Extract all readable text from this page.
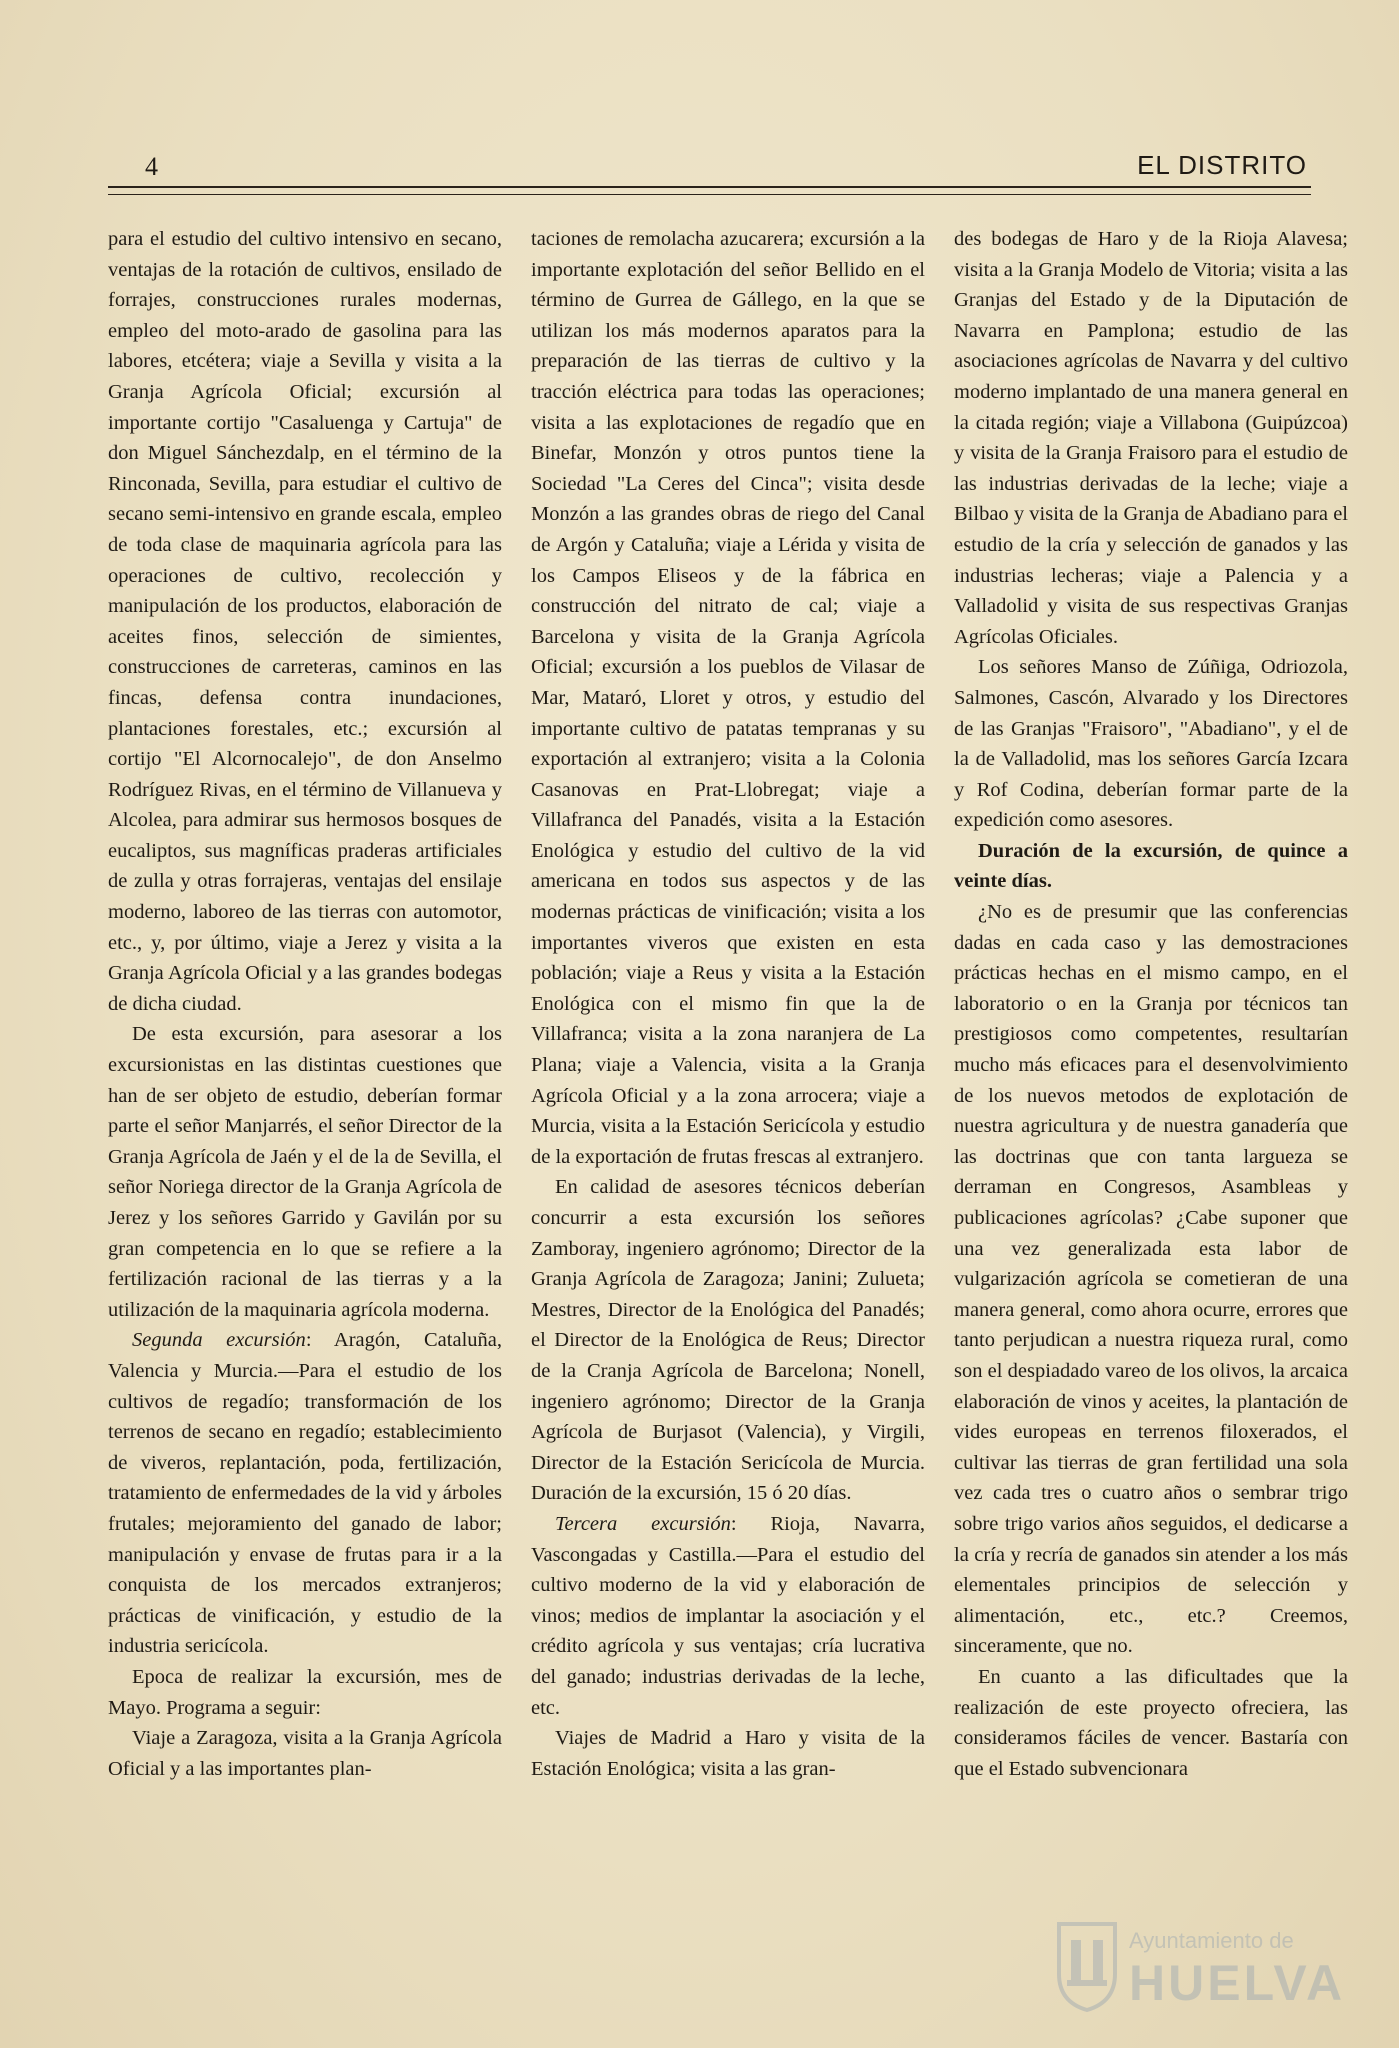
4	EL DISTRITO

para el estudio del cultivo intensivo en secano, ventajas de la rotación de cultivos, ensilado de forrajes, construcciones rurales modernas, empleo del moto-arado de gasolina para las labores, etcétera; viaje a Sevilla y visita a la Granja Agrícola Oficial; excursión al importante cortijo "Casaluenga y Cartuja" de don Miguel Sánchezdalp, en el término de la Rinconada, Sevilla, para estudiar el cultivo de secano semi-intensivo en grande escala, empleo de toda clase de maquinaria agrícola para las operaciones de cultivo, recolección y manipulación de los productos, elaboración de aceites finos, selección de simientes, construcciones de carreteras, caminos en las fincas, defensa contra inundaciones, plantaciones forestales, etc.; excursión al cortijo "El Alcornocalejo", de don Anselmo Rodríguez Rivas, en el término de Villanueva y Alcolea, para admirar sus hermosos bosques de eucaliptos, sus magníficas praderas artificiales de zulla y otras forrajeras, ventajas del ensilaje moderno, laboreo de las tierras con automotor, etc., y, por último, viaje a Jerez y visita a la Granja Agrícola Oficial y a las grandes bodegas de dicha ciudad.

De esta excursión, para asesorar a los excursionistas en las distintas cuestiones que han de ser objeto de estudio, deberían formar parte el señor Manjarrés, el señor Director de la Granja Agrícola de Jaén y el de la de Sevilla, el señor Noriega director de la Granja Agrícola de Jerez y los señores Garrido y Gavilán por su gran competencia en lo que se refiere a la fertilización racional de las tierras y a la utilización de la maquinaria agrícola moderna.

Segunda excursión: Aragón, Cataluña, Valencia y Murcia.—Para el estudio de los cultivos de regadío; transformación de los terrenos de secano en regadío; establecimiento de viveros, replantación, poda, fertilización, tratamiento de enfermedades de la vid y árboles frutales; mejoramiento del ganado de labor; manipulación y envase de frutas para ir a la conquista de los mercados extranjeros; prácticas de vinificación, y estudio de la industria sericícola.

Epoca de realizar la excursión, mes de Mayo. Programa a seguir:

Viaje a Zaragoza, visita a la Granja Agrícola Oficial y a las importantes plan-

taciones de remolacha azucarera; excursión a la importante explotación del señor Bellido en el término de Gurrea de Gállego, en la que se utilizan los más modernos aparatos para la preparación de las tierras de cultivo y la tracción eléctrica para todas las operaciones; visita a las explotaciones de regadío que en Binefar, Monzón y otros puntos tiene la Sociedad "La Ceres del Cinca"; visita desde Monzón a las grandes obras de riego del Canal de Argón y Cataluña; viaje a Lérida y visita de los Campos Eliseos y de la fábrica en construcción del nitrato de cal; viaje a Barcelona y visita de la Granja Agrícola Oficial; excursión a los pueblos de Vilasar de Mar, Mataró, Lloret y otros, y estudio del importante cultivo de patatas tempranas y su exportación al extranjero; visita a la Colonia Casanovas en Prat-Llobregat; viaje a Villafranca del Panadés, visita a la Estación Enológica y estudio del cultivo de la vid americana en todos sus aspectos y de las modernas prácticas de vinificación; visita a los importantes viveros que existen en esta población; viaje a Reus y visita a la Estación Enológica con el mismo fin que la de Villafranca; visita a la zona naranjera de La Plana; viaje a Valencia, visita a la Granja Agrícola Oficial y a la zona arrocera; viaje a Murcia, visita a la Estación Sericícola y estudio de la exportación de frutas frescas al extranjero.

En calidad de asesores técnicos deberían concurrir a esta excursión los señores Zamboray, ingeniero agrónomo; Director de la Granja Agrícola de Zaragoza; Janini; Zulueta; Mestres, Director de la Enológica del Panadés; el Director de la Enológica de Reus; Director de la Cranja Agrícola de Barcelona; Nonell, ingeniero agrónomo; Director de la Granja Agrícola de Burjasot (Valencia), y Virgili, Director de la Estación Sericícola de Murcia. Duración de la excursión, 15 ó 20 días.

Tercera excursión: Rioja, Navarra, Vascongadas y Castilla.—Para el estudio del cultivo moderno de la vid y elaboración de vinos; medios de implantar la asociación y el crédito agrícola y sus ventajas; cría lucrativa del ganado; industrias derivadas de la leche, etc.

Viajes de Madrid a Haro y visita de la Estación Enológica; visita a las gran-

des bodegas de Haro y de la Rioja Alavesa; visita a la Granja Modelo de Vitoria; visita a las Granjas del Estado y de la Diputación de Navarra en Pamplona; estudio de las asociaciones agrícolas de Navarra y del cultivo moderno implantado de una manera general en la citada región; viaje a Villabona (Guipúzcoa) y visita de la Granja Fraisoro para el estudio de las industrias derivadas de la leche; viaje a Bilbao y visita de la Granja de Abadiano para el estudio de la cría y selección de ganados y las industrias lecheras; viaje a Palencia y a Valladolid y visita de sus respectivas Granjas Agrícolas Oficiales.

Los señores Manso de Zúñiga, Odriozola, Salmones, Cascón, Alvarado y los Directores de las Granjas "Fraisoro", "Abadiano", y el de la de Valladolid, mas los señores García Izcara y Rof Codina, deberían formar parte de la expedición como asesores.

Duración de la excursión, de quince a veinte días.

¿No es de presumir que las conferencias dadas en cada caso y las demostraciones prácticas hechas en el mismo campo, en el laboratorio o en la Granja por técnicos tan prestigiosos como competentes, resultarían mucho más eficaces para el desenvolvimiento de los nuevos metodos de explotación de nuestra agricultura y de nuestra ganadería que las doctrinas que con tanta largueza se derraman en Congresos, Asambleas y publicaciones agrícolas? ¿Cabe suponer que una vez generalizada esta labor de vulgarización agrícola se cometieran de una manera general, como ahora ocurre, errores que tanto perjudican a nuestra riqueza rural, como son el despiadado vareo de los olivos, la arcaica elaboración de vinos y aceites, la plantación de vides europeas en terrenos filoxerados, el cultivar las tierras de gran fertilidad una sola vez cada tres o cuatro años o sembrar trigo sobre trigo varios años seguidos, el dedicarse a la cría y recría de ganados sin atender a los más elementales principios de selección y alimentación, etc., etc.? Creemos, sinceramente, que no.

En cuanto a las dificultades que la realización de este proyecto ofreciera, las consideramos fáciles de vencer. Bastaría con que el Estado subvencionara

Ayuntamiento de
HUELVA
